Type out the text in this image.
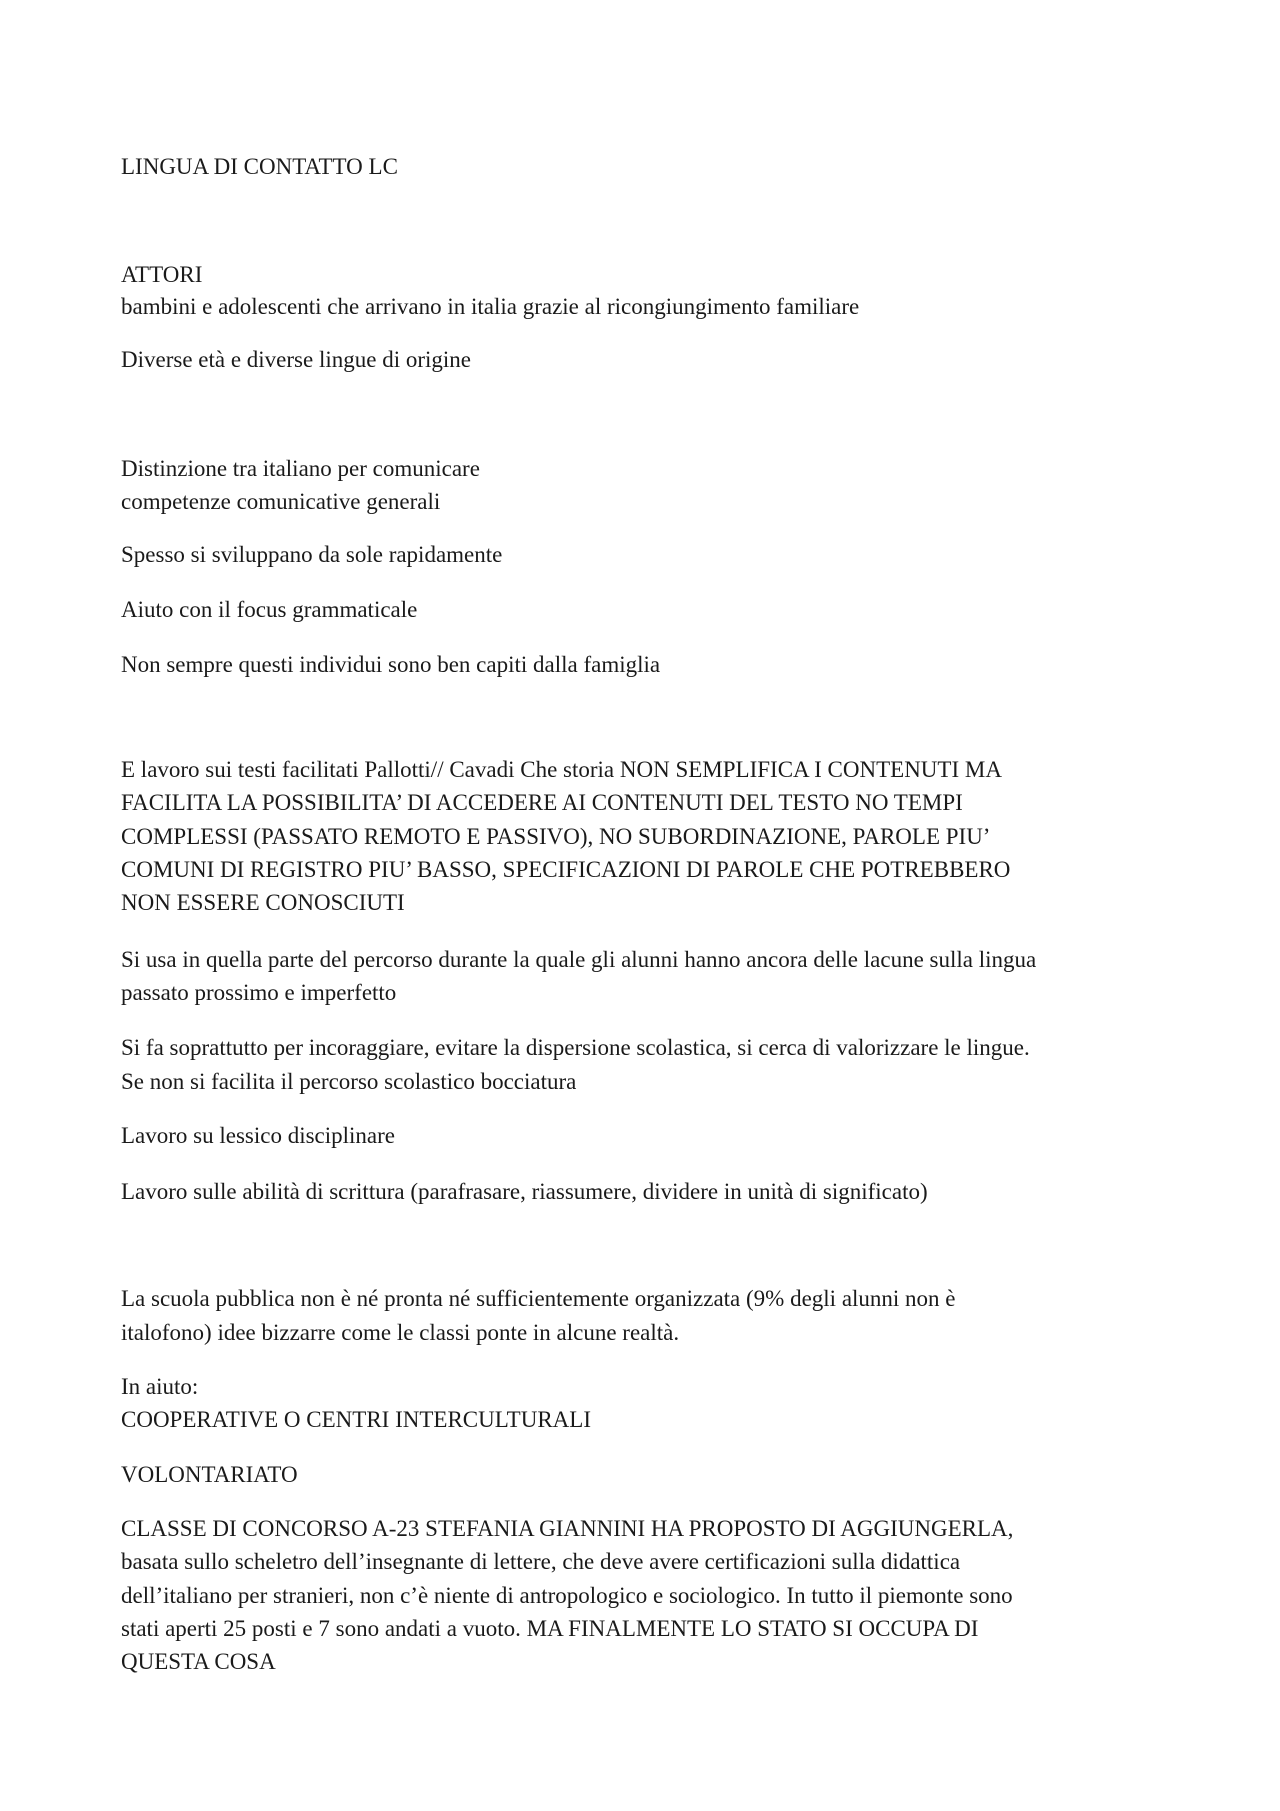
LINGUA DI CONTATTO LC

ATTORI

bambini e adolescenti che arrivano in italia grazie al ricongiungimento familiare

Diverse età e diverse lingue di origine

Distinzione tra italiano per comunicare

competenze comunicative generali

Spesso si sviluppano da sole rapidamente

Aiuto con il focus grammaticale

Non sempre questi individui sono ben capiti dalla famiglia

E lavoro sui testi facilitati Pallotti// Cavadi Che storia NON SEMPLIFICA I CONTENUTI MA

FACILITA LA POSSIBILITA’ DI ACCEDERE AI CONTENUTI DEL TESTO NO TEMPI

COMPLESSI (PASSATO REMOTO E PASSIVO), NO SUBORDINAZIONE, PAROLE PIU’

COMUNI DI REGISTRO PIU’ BASSO, SPECIFICAZIONI DI PAROLE CHE POTREBBERO

NON ESSERE CONOSCIUTI

Si usa in quella parte del percorso durante la quale gli alunni hanno ancora delle lacune sulla lingua

passato prossimo e imperfetto

Si fa soprattutto per incoraggiare, evitare la dispersione scolastica, si cerca di valorizzare le lingue.

Se non si facilita il percorso scolastico bocciatura

Lavoro su lessico disciplinare

Lavoro sulle abilità di scrittura (parafrasare, riassumere, dividere in unità di significato)

La scuola pubblica non è né pronta né sufficientemente organizzata (9% degli alunni non è

italofono) idee bizzarre come le classi ponte in alcune realtà.

In aiuto:

COOPERATIVE O CENTRI INTERCULTURALI

VOLONTARIATO

CLASSE DI CONCORSO A-23 STEFANIA GIANNINI HA PROPOSTO DI AGGIUNGERLA,

basata sullo scheletro dell’insegnante di lettere, che deve avere certificazioni sulla didattica

dell’italiano per stranieri, non c’è niente di antropologico e sociologico. In tutto il piemonte sono

stati aperti 25 posti e 7 sono andati a vuoto. MA FINALMENTE LO STATO SI OCCUPA DI

QUESTA COSA
